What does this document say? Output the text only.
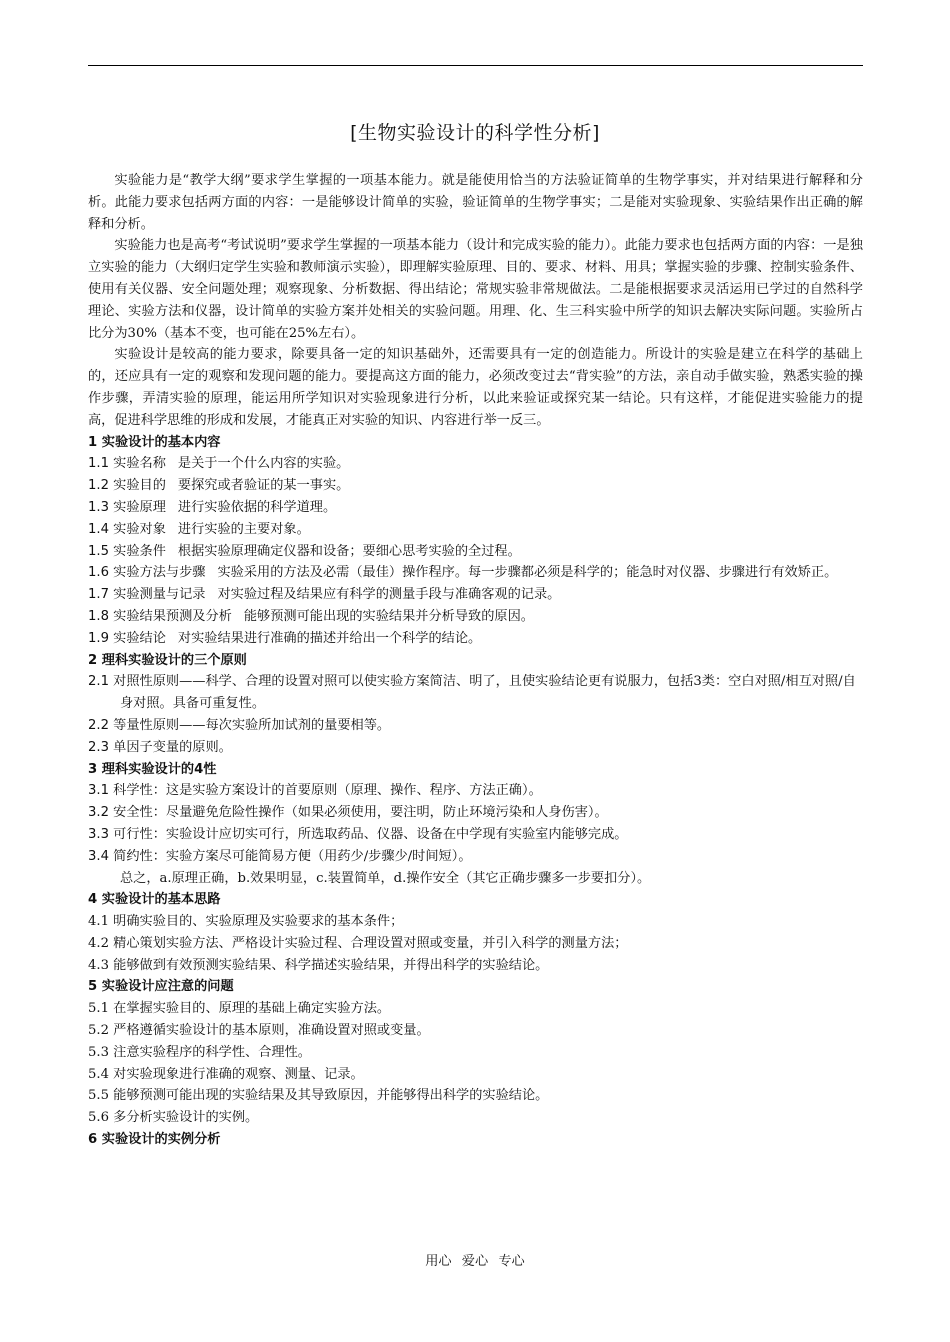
[生物实验设计的科学性分析]

实验能力是“教学大纲”要求学生掌握的一项基本能力。就是能使用恰当的方法验证简单的生物学事实，并对结果进行解释和分析。此能力要求包括两方面的内容：一是能够设计简单的实验，验证简单的生物学事实；二是能对实验现象、实验结果作出正确的解释和分析。

实验能力也是高考“考试说明”要求学生掌握的一项基本能力（设计和完成实验的能力）。此能力要求也包括两方面的内容：一是独立实验的能力（大纲归定学生实验和教师演示实验），即理解实验原理、目的、要求、材料、用具；掌握实验的步骤、控制实验条件、使用有关仪器、安全问题处理；观察现象、分析数据、得出结论；常规实验非常规做法。二是能根据要求灵活运用已学过的自然科学理论、实验方法和仪器，设计简单的实验方案并处相关的实验问题。用理、化、生三科实验中所学的知识去解决实际问题。实验所占比分为30%（基本不变，也可能在25%左右）。

实验设计是较高的能力要求，除要具备一定的知识基础外，还需要具有一定的创造能力。所设计的实验是建立在科学的基础上的，还应具有一定的观察和发现问题的能力。要提高这方面的能力，必须改变过去“背实验”的方法，亲自动手做实验，熟悉实验的操作步骤，弄清实验的原理，能运用所学知识对实验现象进行分析，以此来验证或探究某一结论。只有这样，才能促进实验能力的提高，促进科学思维的形成和发展，才能真正对实验的知识、内容进行举一反三。

1 实验设计的基本内容

1.1 实验名称 是关于一个什么内容的实验。

1.2 实验目的 要探究或者验证的某一事实。

1.3 实验原理 进行实验依据的科学道理。

1.4 实验对象 进行实验的主要对象。

1.5 实验条件 根据实验原理确定仪器和设备；要细心思考实验的全过程。

1.6 实验方法与步骤 实验采用的方法及必需（最佳）操作程序。每一步骤都必须是科学的；能急时对仪器、步骤进行有效矫正。

1.7 实验测量与记录 对实验过程及结果应有科学的测量手段与准确客观的记录。

1.8 实验结果预测及分析 能够预测可能出现的实验结果并分析导致的原因。

1.9 实验结论 对实验结果进行准确的描述并给出一个科学的结论。

2 理科实验设计的三个原则

2.1 对照性原则——科学、合理的设置对照可以使实验方案简洁、明了，且使实验结论更有说服力，包括3类：空白对照/相互对照/自身对照。具备可重复性。

2.2 等量性原则——每次实验所加试剂的量要相等。

2.3 单因子变量的原则。

3 理科实验设计的4性

3.1 科学性：这是实验方案设计的首要原则（原理、操作、程序、方法正确）。

3.2 安全性：尽量避免危险性操作（如果必须使用，要注明，防止环境污染和人身伤害）。

3.3 可行性：实验设计应切实可行，所选取药品、仪器、设备在中学现有实验室内能够完成。

3.4 简约性：实验方案尽可能简易方便（用药少/步骤少/时间短）。

总之，a.原理正确，b.效果明显，c.装置简单，d.操作安全（其它正确步骤多一步要扣分）。

4 实验设计的基本思路

4.1 明确实验目的、实验原理及实验要求的基本条件；

4.2 精心策划实验方法、严格设计实验过程、合理设置对照或变量，并引入科学的测量方法；

4.3 能够做到有效预测实验结果、科学描述实验结果，并得出科学的实验结论。

5 实验设计应注意的问题

5.1 在掌握实验目的、原理的基础上确定实验方法。

5.2 严格遵循实验设计的基本原则，准确设置对照或变量。

5.3 注意实验程序的科学性、合理性。

5.4 对实验现象进行准确的观察、测量、记录。

5.5 能够预测可能出现的实验结果及其导致原因，并能够得出科学的实验结论。

5.6 多分析实验设计的实例。

6 实验设计的实例分析

用心 爱心 专心
